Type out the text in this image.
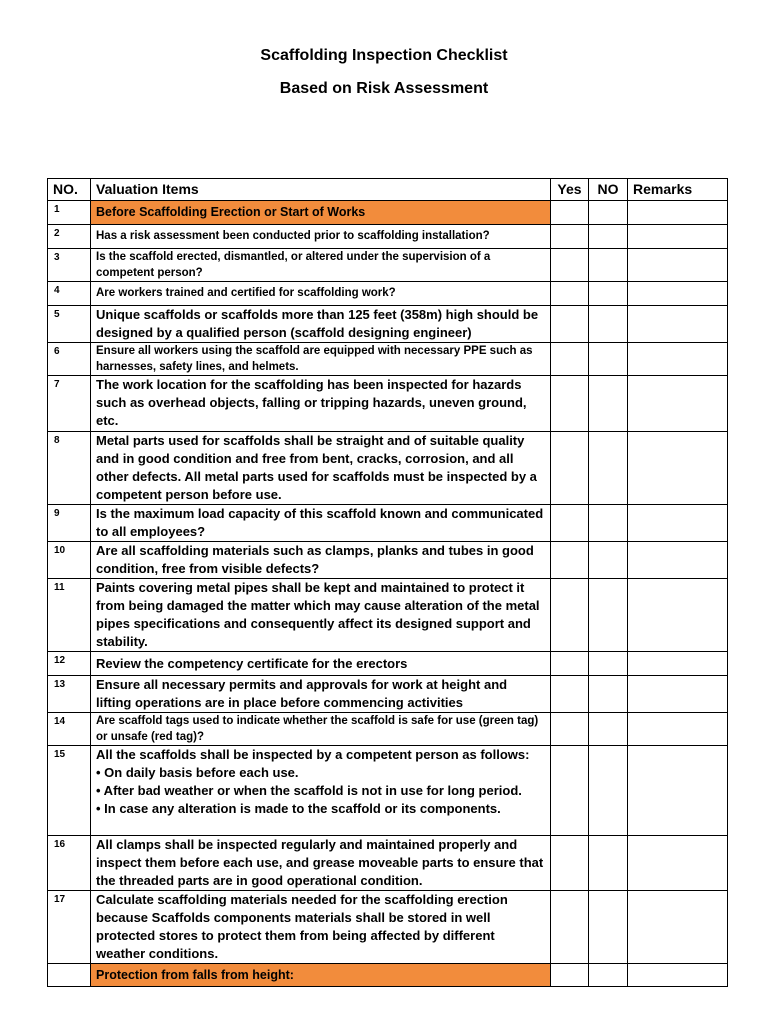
Scaffolding Inspection Checklist
Based on Risk Assessment
NO.	Valuation Items	Yes	NO	Remarks
1	Before Scaffolding Erection or Start of Works			
2	Has a risk assessment been conducted prior to scaffolding installation?			

3	Is the scaffold erected, dismantled, or altered under the supervision of a competent person?			
4	Are workers trained and certified for scaffolding work?			

5	Unique scaffolds or scaffolds more than 125 feet (358m) high should be designed by a qualified person (scaffold designing engineer)			
6	Ensure all workers using the scaffold are equipped with necessary PPE such as harnesses, safety lines, and helmets.			
7	The work location for the scaffolding has been inspected for hazards such as overhead objects, falling or tripping hazards, uneven ground, etc.			
8	Metal parts used for scaffolds shall be straight and of suitable quality and in good condition and free from bent, cracks, corrosion, and all other defects. All metal parts used for scaffolds must be inspected by a competent person before use.			
9	Is the maximum load capacity of this scaffold known and communicated to all employees?			
10	Are all scaffolding materials such as clamps, planks and tubes in good condition, free from visible defects?			
11	Paints covering metal pipes shall be kept and maintained to protect it from being damaged the matter which may cause alteration of the metal pipes specifications and consequently affect its designed support and stability.			
12	Review the competency certificate for the erectors			

13	Ensure all necessary permits and approvals for work at height and lifting operations are in place before commencing activities			
14	Are scaffold tags used to indicate whether the scaffold is safe for use (green tag) or unsafe (red tag)?			
15	All the scaffolds shall be inspected by a competent person as follows:
• On daily basis before each use.
• After bad weather or when the scaffold is not in use for long period.
• In case any alteration is made to the scaffold or its components.			

16	All clamps shall be inspected regularly and maintained properly and inspect them before each use, and grease moveable parts to ensure that the threaded parts are in good operational condition.			
17	Calculate scaffolding materials needed for the scaffolding erection because Scaffolds components materials shall be stored in well protected stores to protect them from being affected by different weather conditions.			
	Protection from falls from height:			
